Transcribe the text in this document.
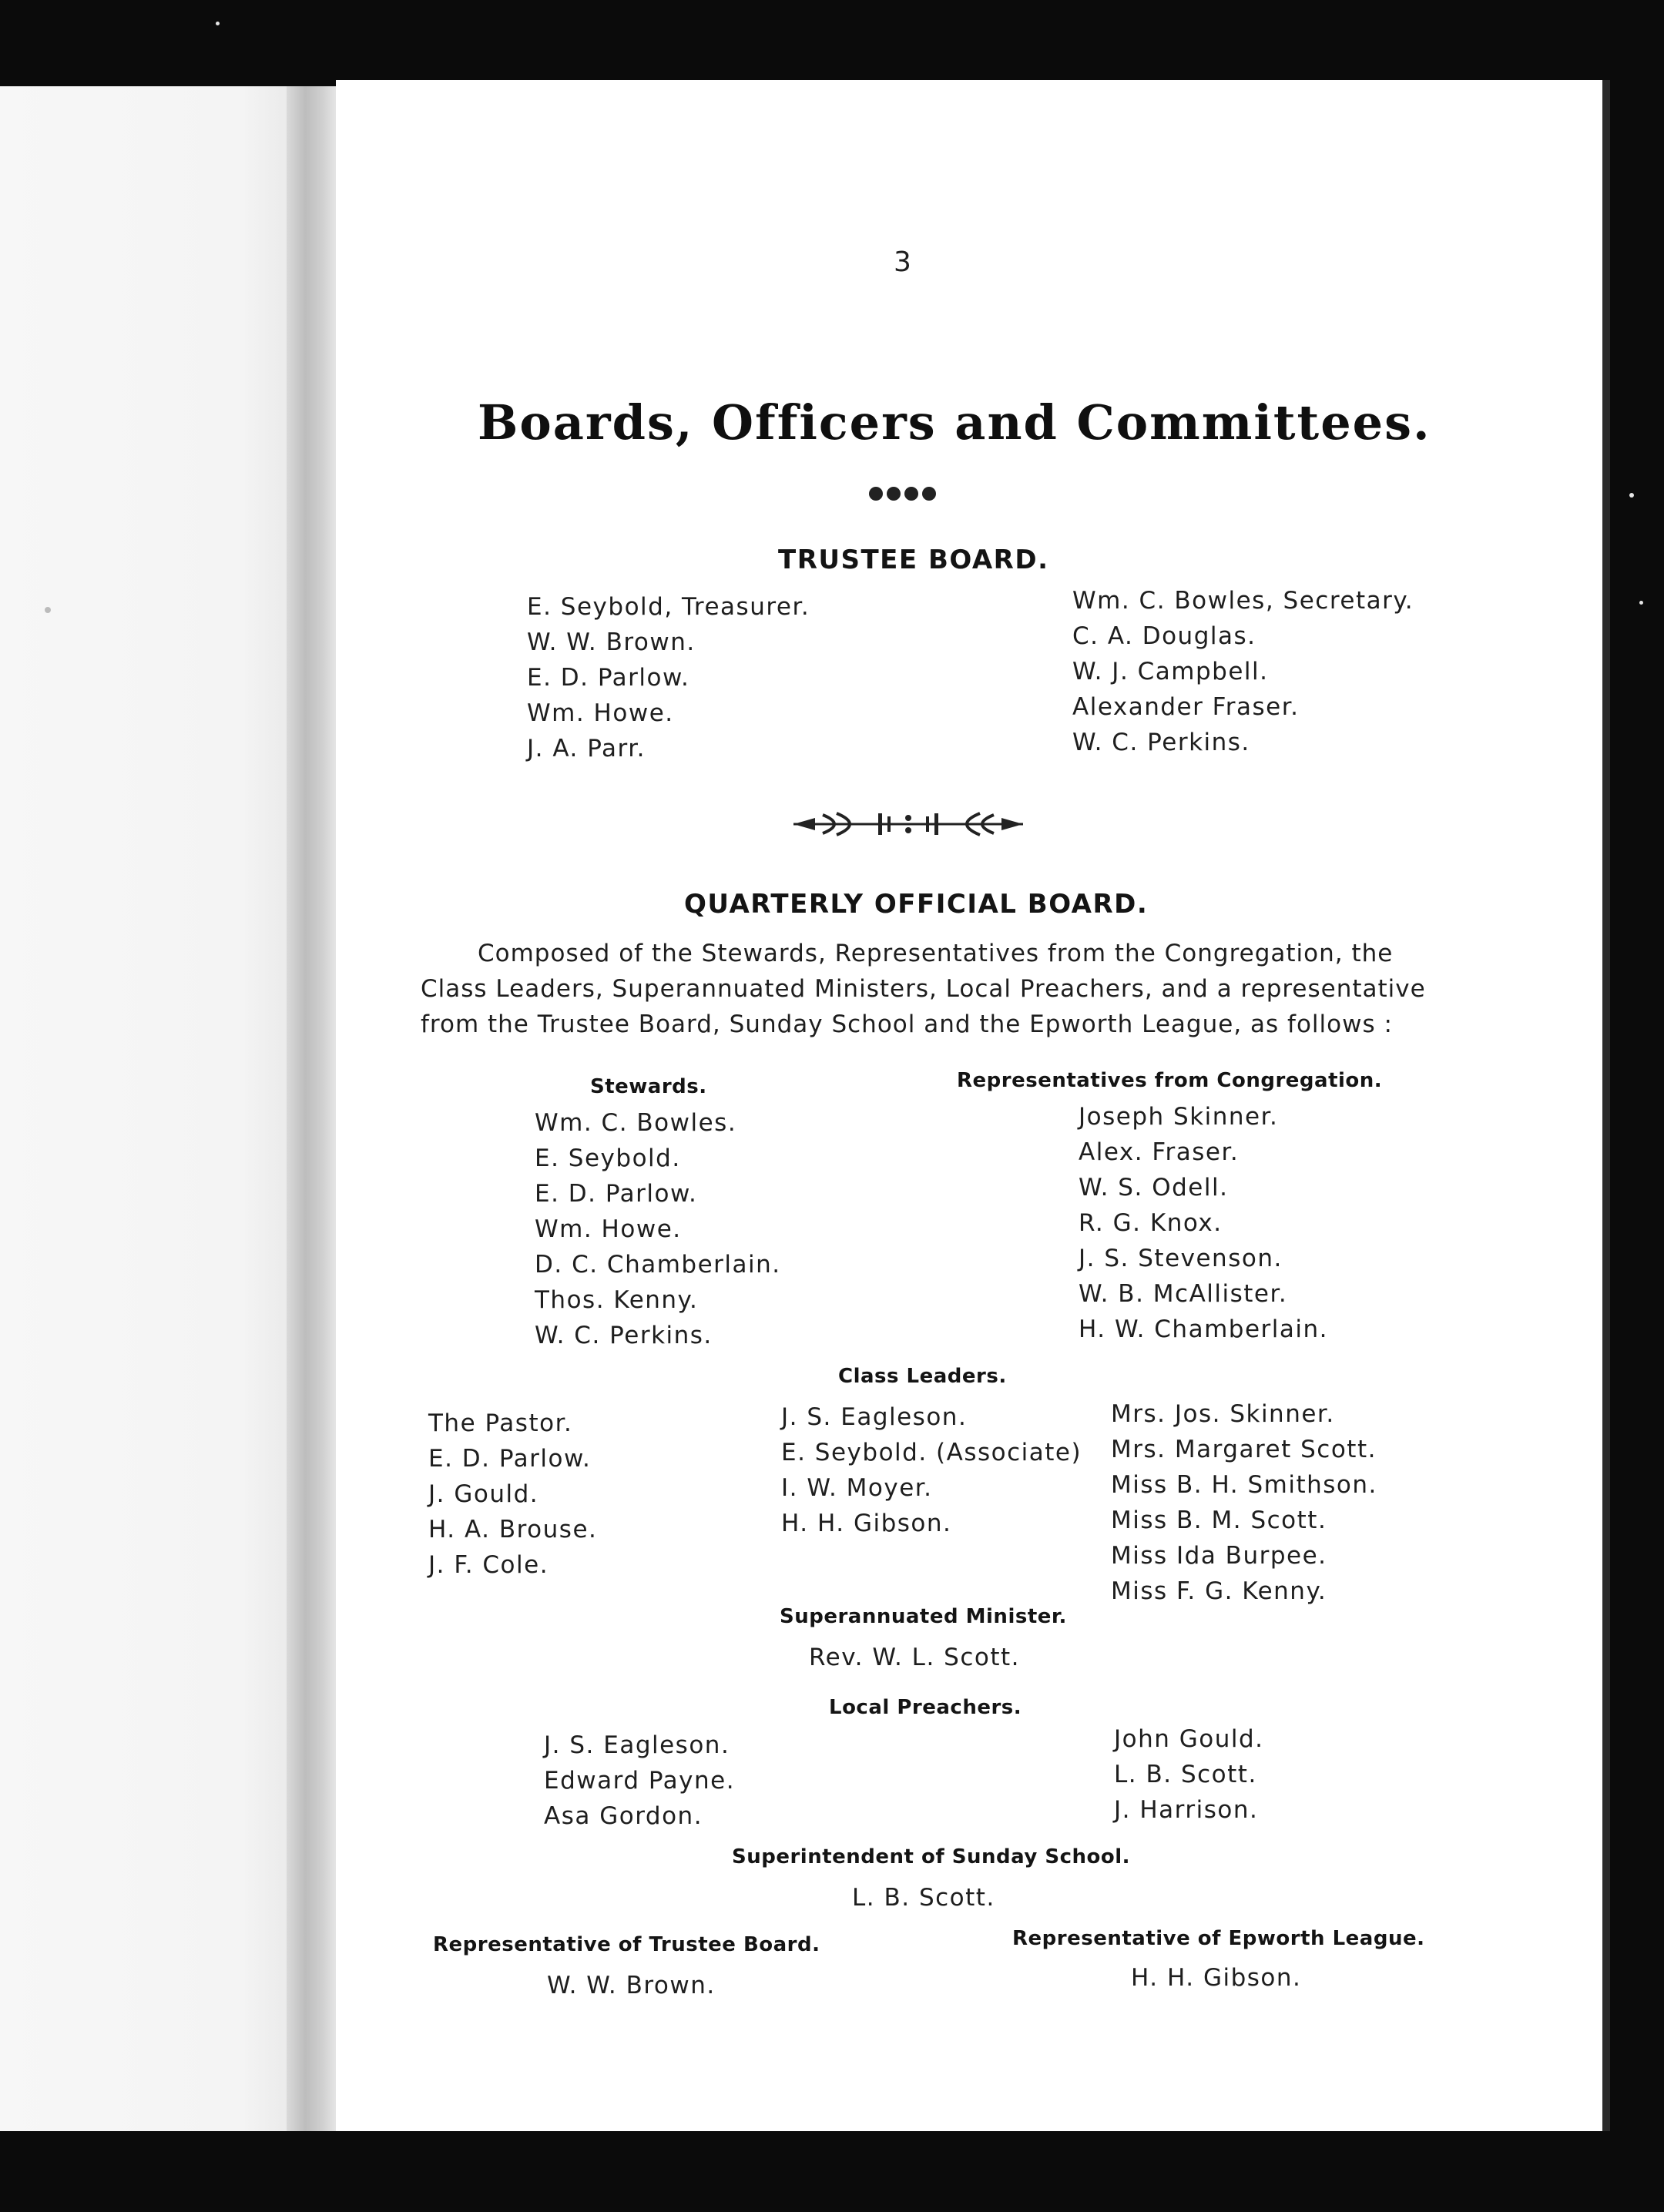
3
Boards, Officers and Committees.
TRUSTEE BOARD.
E. Seybold, Treasurer.
W. W. Brown.
E. D. Parlow.
Wm. Howe.
J. A. Parr.
Wm. C. Bowles, Secretary.
C. A. Douglas.
W. J. Campbell.
Alexander Fraser.
W. C. Perkins.
QUARTERLY OFFICIAL BOARD.
Composed of the Stewards, Representatives from the Congregation, the
Class Leaders, Superannuated Ministers, Local Preachers, and a representative
from the Trustee Board, Sunday School and the Epworth League, as follows :
Stewards.
Wm. C. Bowles.
E. Seybold.
E. D. Parlow.
Wm. Howe.
D. C. Chamberlain.
Thos. Kenny.
W. C. Perkins.
Representatives from Congregation.
Joseph Skinner.
Alex. Fraser.
W. S. Odell.
R. G. Knox.
J. S. Stevenson.
W. B. McAllister.
H. W. Chamberlain.
Class Leaders.
The Pastor.
E. D. Parlow.
J. Gould.
H. A. Brouse.
J. F. Cole.
J. S. Eagleson.
E. Seybold. (Associate)
I. W. Moyer.
H. H. Gibson.
Mrs. Jos. Skinner.
Mrs. Margaret Scott.
Miss B. H. Smithson.
Miss B. M. Scott.
Miss Ida Burpee.
Miss F. G. Kenny.
Superannuated Minister.
Rev. W. L. Scott.
Local Preachers.
J. S. Eagleson.
Edward Payne.
Asa Gordon.
John Gould.
L. B. Scott.
J. Harrison.
Superintendent of Sunday School.
L. B. Scott.
Representative of Trustee Board.
W. W. Brown.
Representative of Epworth League.
H. H. Gibson.
